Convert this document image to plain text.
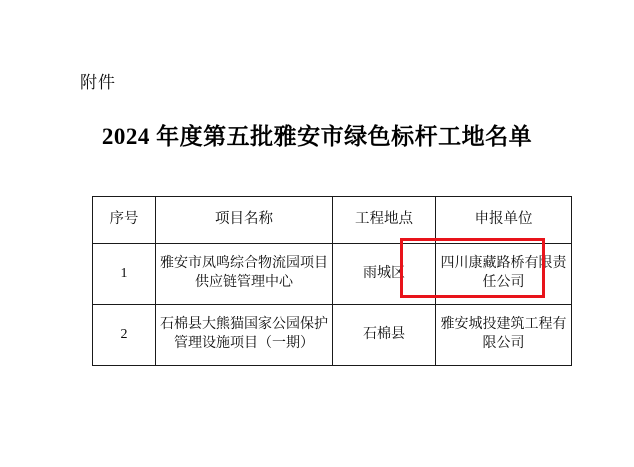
附件
2024 年度第五批雅安市绿色标杆工地名单
序号	项目名称	工程地点	申报单位
1	雅安市凤鸣综合物流园项目供应链管理中心	雨城区	四川康藏路桥有限责任公司
2	石棉县大熊猫国家公园保护管理设施项目（一期）	石棉县	雅安城投建筑工程有限公司
